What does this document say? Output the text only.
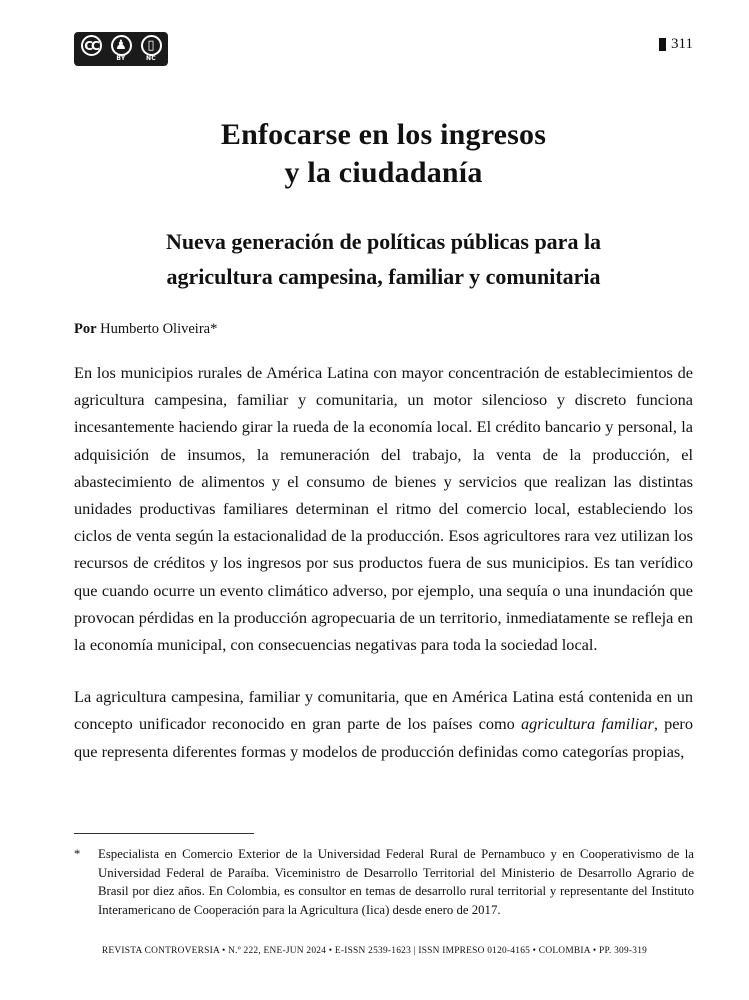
CC
	♟
BY
▯
NC
311
Enfocarse en los ingresos
y la ciudadanía
Nueva generación de políticas públicas para la
agricultura campesina, familiar y comunitaria
Por Humberto Oliveira*

En los municipios rurales de América Latina con mayor concentración de establecimientos de agricultura campesina, familiar y comunitaria, un motor silencioso y discreto funciona incesantemente haciendo girar la rueda de la economía local. El crédito bancario y personal, la adquisición de insumos, la remuneración del trabajo, la venta de la producción, el abastecimiento de alimentos y el consumo de bienes y servicios que realizan las distintas unidades productivas familiares determinan el ritmo del comercio local, estableciendo los ciclos de venta según la estacionalidad de la producción. Esos agricultores rara vez utilizan los recursos de créditos y los ingresos por sus productos fuera de sus municipios. Es tan verídico que cuando ocurre un evento climático adverso, por ejemplo, una sequía o una inundación que provocan pérdidas en la producción agropecuaria de un territorio, inmediatamente se refleja en la economía municipal, con consecuencias negativas para toda la sociedad local.

La agricultura campesina, familiar y comunitaria, que en América Latina está contenida en un concepto unificador reconocido en gran parte de los países como agricultura familiar, pero que representa diferentes formas y modelos de producción definidas como categorías propias,

*	Especialista en Comercio Exterior de la Universidad Federal Rural de Pernambuco y en Cooperativismo de la Universidad Federal de Paraíba. Viceministro de Desarrollo Territorial del Ministerio de Desarrollo Agrario de Brasil por diez años. En Colombia, es consultor en temas de desarrollo rural territorial y representante del Instituto Interamericano de Cooperación para la Agricultura (Iica) desde enero de 2017.
REVISTA CONTROVERSIA • N.º 222, ENE-JUN 2024 • E-ISSN 2539-1623 | ISSN IMPRESO 0120-4165 • COLOMBIA • PP. 309-319
